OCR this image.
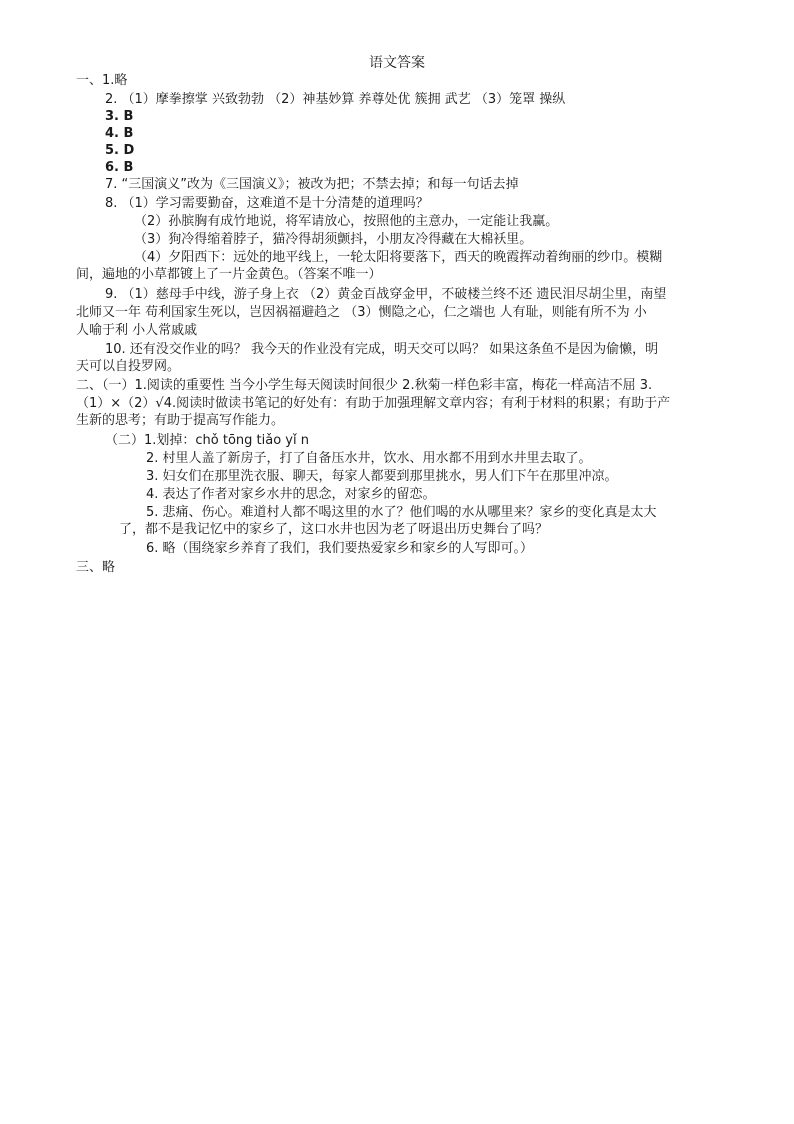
语文答案
一、1.略
2. （1）摩拳擦掌 兴致勃勃 （2）神基妙算 养尊处优 簇拥 武艺 （3）笼罩 操纵
3. B
4. B
5. D
6. B
7. “三国演义”改为《三国演义》；被改为把；不禁去掉；和每一句话去掉
8. （1）学习需要勤奋，这难道不是十分清楚的道理吗？
（2）孙膑胸有成竹地说，将军请放心，按照他的主意办，一定能让我赢。
（3）狗冷得缩着脖子，猫冷得胡须颤抖，小朋友冷得藏在大棉袄里。
（4）夕阳西下：远处的地平线上，一轮太阳将要落下，西天的晚霞挥动着绚丽的纱巾。模糊
间，遍地的小草都镀上了一片金黄色。（答案不唯一）
9. （1）慈母手中线，游子身上衣 （2）黄金百战穿金甲，不破楼兰终不还 遗民泪尽胡尘里，南望
北师又一年 苟利国家生死以，岂因祸福避趋之 （3）恻隐之心，仁之端也 人有耻，则能有所不为 小
人喻于利 小人常戚戚
10. 还有没交作业的吗？ 我今天的作业没有完成，明天交可以吗？ 如果这条鱼不是因为偷懒，明
天可以自投罗网。
二、（一）1.阅读的重要性 当今小学生每天阅读时间很少 2.秋菊一样色彩丰富，梅花一样高洁不屈 3.
（1）×（2）√4.阅读时做读书笔记的好处有：有助于加强理解文章内容；有利于材料的积累；有助于产
生新的思考；有助于提高写作能力。
（二）1.划掉：chǒ tōng tiǎo yǐ n
2. 村里人盖了新房子，打了自备压水井，饮水、用水都不用到水井里去取了。
3. 妇女们在那里洗衣服、聊天，每家人都要到那里挑水，男人们下午在那里冲凉。
4. 表达了作者对家乡水井的思念，对家乡的留恋。
5. 悲痛、伤心。难道村人都不喝这里的水了？他们喝的水从哪里来？家乡的变化真是太大
了，都不是我记忆中的家乡了，这口水井也因为老了呀退出历史舞台了吗？
6. 略（围绕家乡养育了我们，我们要热爱家乡和家乡的人写即可。）
三、略
